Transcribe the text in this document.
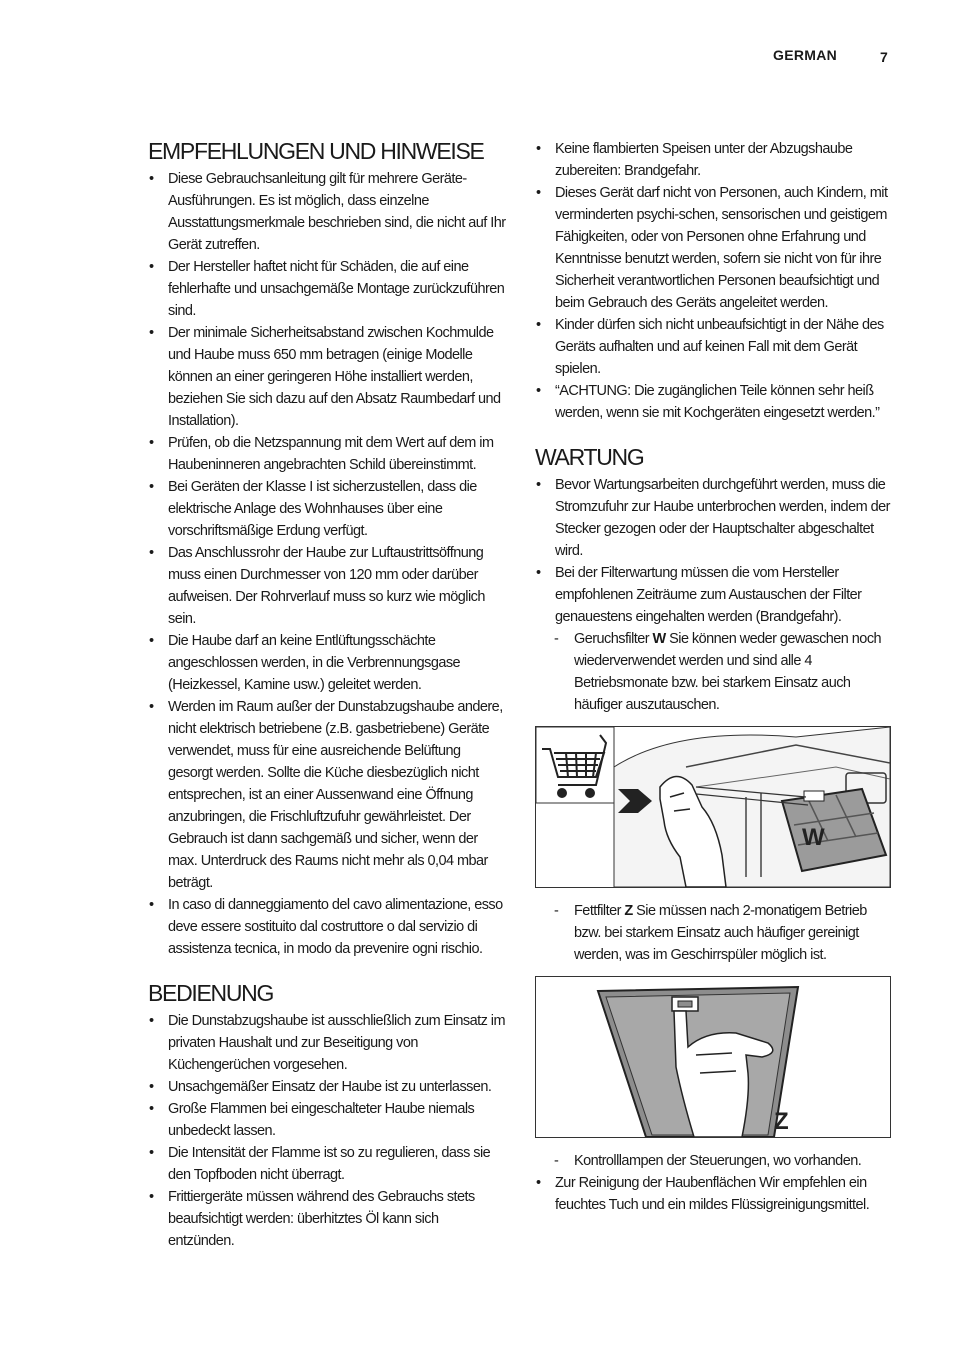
GERMAN	7
EMPFEHLUNGEN UND HINWEISE
• Diese Gebrauchsanleitung gilt für mehrere Geräte-Ausführungen. Es ist möglich, dass einzelne Ausstattungsmerkmale beschrieben sind, die nicht auf Ihr Gerät zutreffen.
• Der Hersteller haftet nicht für Schäden, die auf eine fehlerhafte und unsachgemäße Montage zurückzuführen sind.
• Der minimale Sicherheitsabstand zwischen Kochmulde und Haube muss 650 mm betragen (einige Modelle können an einer geringeren Höhe installiert werden, beziehen Sie sich dazu auf den Absatz Raumbedarf und Installation).
• Prüfen, ob die Netzspannung mit dem Wert auf dem im Haubeninneren angebrachten Schild übereinstimmt.
• Bei Geräten der Klasse I ist sicherzustellen, dass die elektrische Anlage des Wohnhauses über eine vorschriftsmäßige Erdung verfügt.
• Das Anschlussrohr der Haube zur Luftaustrittsöffnung muss einen Durchmesser von 120 mm oder darüber aufweisen. Der Rohrverlauf muss so kurz wie möglich sein.
• Die Haube darf an keine Entlüftungsschächte angeschlossen werden, in die Verbrennungsgase (Heizkessel, Kamine usw.) geleitet werden.
• Werden im Raum außer der Dunstabzugshaube andere, nicht elektrisch betriebene (z.B. gasbetriebene) Geräte verwendet, muss für eine ausreichende Belüftung gesorgt werden. Sollte die Küche diesbezüglich nicht entsprechen, ist an einer Aussenwand eine Öffnung anzubringen, die Frischluftzufuhr gewährleistet. Der Gebrauch ist dann sachgemäß und sicher, wenn der max. Unterdruck des Raums nicht mehr als 0,04 mbar beträgt.
• In caso di danneggiamento del cavo alimentazione, esso deve essere sostituito dal costruttore o dal servizio di assistenza tecnica, in modo da prevenire ogni rischio.
BEDIENUNG
• Die Dunstabzugshaube ist ausschließlich zum Einsatz im privaten Haushalt und zur Beseitigung von Küchengerüchen vorgesehen.
• Unsachgemäßer Einsatz der Haube ist zu unterlassen.
• Große Flammen bei eingeschalteter Haube niemals unbedeckt lassen.
• Die Intensität der Flamme ist so zu regulieren, dass sie den Topfboden nicht überragt.
• Frittiergeräte müssen während des Gebrauchs stets beaufsichtigt werden: überhitztes Öl kann sich entzünden.
• Keine flambierten Speisen unter der Abzugshaube zubereiten: Brandgefahr.
• Dieses Gerät darf nicht von Personen, auch Kindern, mit verminderten psychi-schen, sensorischen und geistigem Fähigkeiten, oder von Personen ohne Erfahrung und Kenntnisse benutzt werden, sofern sie nicht von für ihre Sicherheit verantwortlichen Personen beaufsichtigt und beim Gebrauch des Geräts angeleitet werden.
• Kinder dürfen sich nicht unbeaufsichtigt in der Nähe des Geräts aufhalten und auf keinen Fall mit dem Gerät spielen.
• “ACHTUNG: Die zugänglichen Teile können sehr heiß werden, wenn sie mit Kochgeräten eingesetzt werden.”
WARTUNG
• Bevor Wartungsarbeiten durchgeführt werden, muss die Stromzufuhr zur Haube unterbrochen werden, indem der Stecker gezogen oder der Hauptschalter abgeschaltet wird.
• Bei der Filterwartung müssen die vom Hersteller empfohlenen Zeiträume zum Austauschen der Filter genauestens eingehalten werden (Brandgefahr).
- Geruchsfilter W Sie können weder gewaschen noch wiederverwendet werden und sind alle 4 Betriebsmonate bzw. bei starkem Einsatz auch häufiger auszutauschen.
W
- Fettfilter Z Sie müssen nach 2-monatigem Betrieb bzw. bei starkem Einsatz auch häufiger gereinigt werden, was im Geschirrspüler möglich ist.
Z
- Kontrolllampen der Steuerungen, wo vorhanden.
• Zur Reinigung der Haubenflächen Wir empfehlen ein feuchtes Tuch und ein mildes Flüssigreinigungsmittel.
